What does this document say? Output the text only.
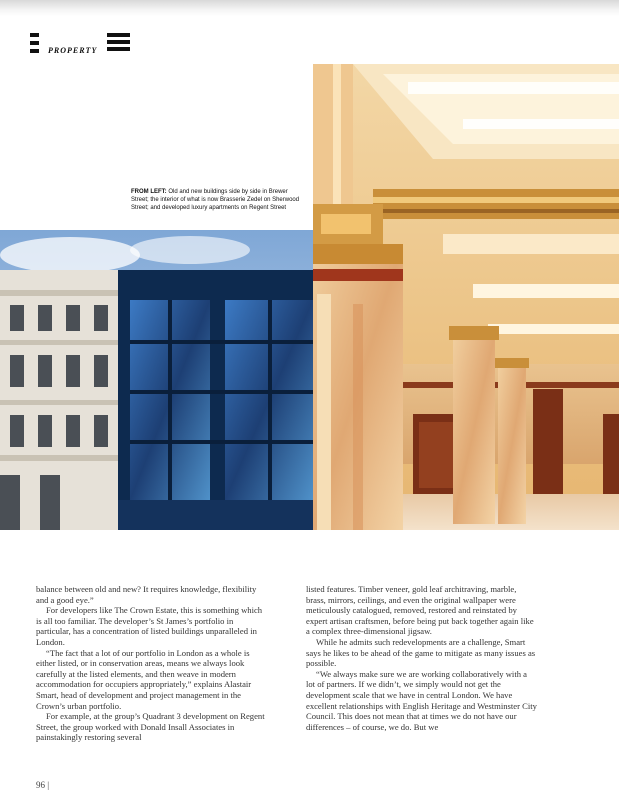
PROPERTY
FROM LEFT: Old and new buildings side by side in Brewer Street; the interior of what is now Brasserie Zedel on Sherwood Street; and developed luxury apartments on Regent Street

balance between old and new? It requires knowledge, flexibility and a good eye.”

For developers like The Crown Estate, this is something which is all too familiar. The developer’s St James’s portfolio in particular, has a concentration of listed buildings unparalleled in London.

“The fact that a lot of our portfolio in London as a whole is either listed, or in conservation areas, means we always look carefully at the listed elements, and then weave in modern accommodation for occupiers appropriately,” explains Alastair Smart, head of development and project management in the Crown’s urban portfolio.

For example, at the group’s Quadrant 3 development on Regent Street, the group worked with Donald Insall Associates in painstakingly restoring several

listed features. Timber veneer, gold leaf architraving, marble, brass, mirrors, ceilings, and even the original wallpaper were meticulously catalogued, removed, restored and reinstated by expert artisan craftsmen, before being put back together again like a complex three-dimensional jigsaw.

While he admits such redevelopments are a challenge, Smart says he likes to be ahead of the game to mitigate as many issues as possible.

“We always make sure we are working collaboratively with a lot of partners. If we didn’t, we simply would not get the development scale that we have in central London. We have excellent relationships with English Heritage and Westminster City Council. This does not mean that at times we do not have our differences – of course, we do. But we

96 |
